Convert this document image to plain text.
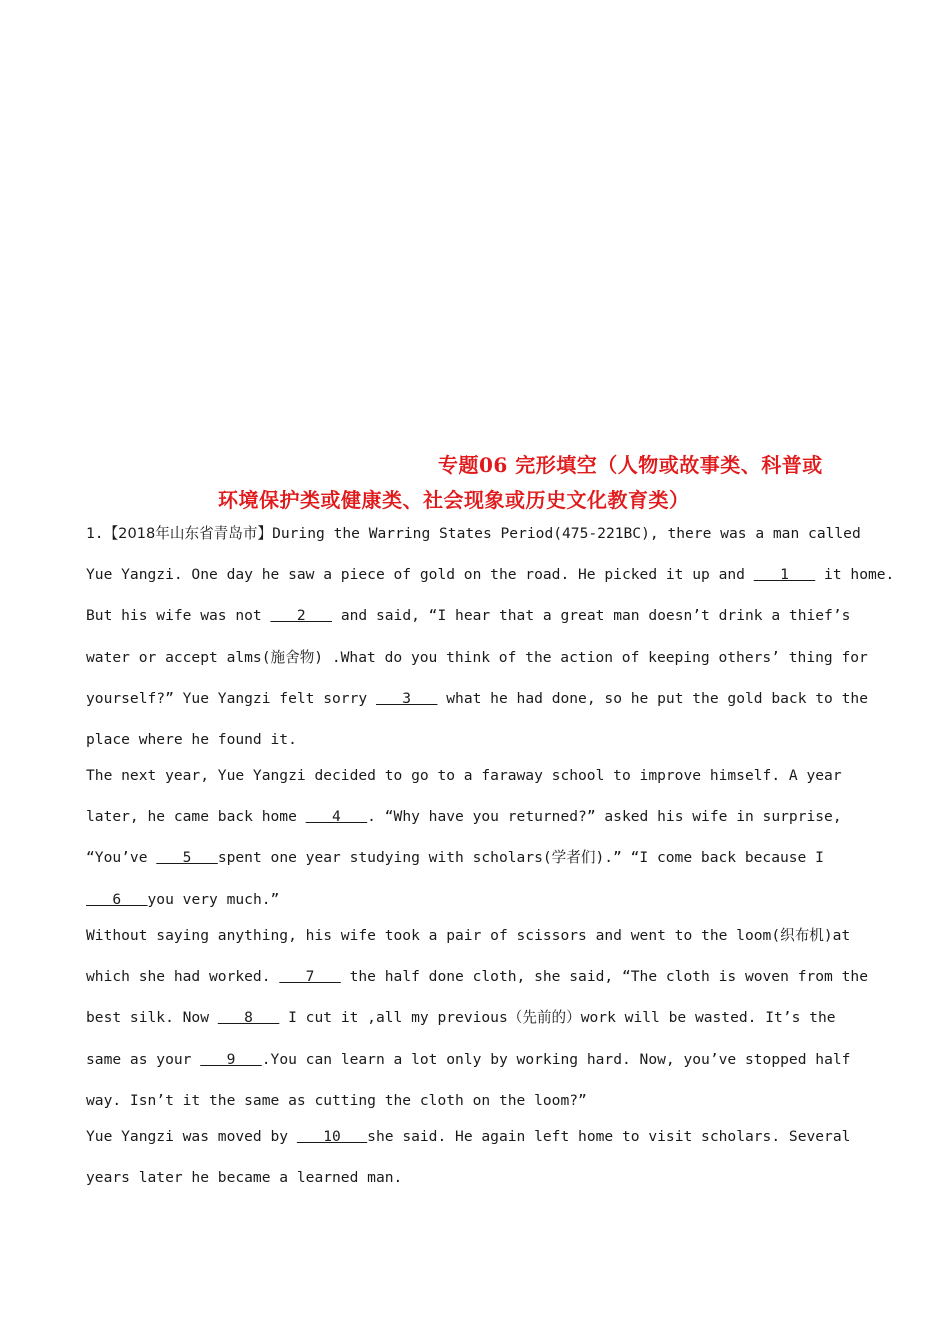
专题06 完形填空（人物或故事类、科普或
环境保护类或健康类、社会现象或历史文化教育类）
1.【2018年山东省青岛市】During the Warring States Period(475-221BC), there was a man called
Yue Yangzi. One day he saw a piece of gold on the road. He picked it up and    1    it home.
But his wife was not    2    and said, “I hear that a great man doesn’t drink a thief’s
water or accept alms(施舍物) .What do you think of the action of keeping others’ thing for
yourself?” Yue Yangzi felt sorry    3    what he had done, so he put the gold back to the
place where he found it.
The next year, Yue Yangzi decided to go to a faraway school to improve himself. A year
later, he came back home    4   . “Why have you returned?” asked his wife in surprise,
“You’ve    5   spent one year studying with scholars(学者们).” “I come back because I
6   you very much.”
Without saying anything, his wife took a pair of scissors and went to the loom(织布机)at
which she had worked.    7    the half done cloth, she said, “The cloth is woven from the
best silk. Now    8    I cut it ,all my previous（先前的）work will be wasted. It’s the
same as your    9   .You can learn a lot only by working hard. Now, you’ve stopped half
way. Isn’t it the same as cutting the cloth on the loom?”
Yue Yangzi was moved by    10   she said. He again left home to visit scholars. Several
years later he became a learned man.
